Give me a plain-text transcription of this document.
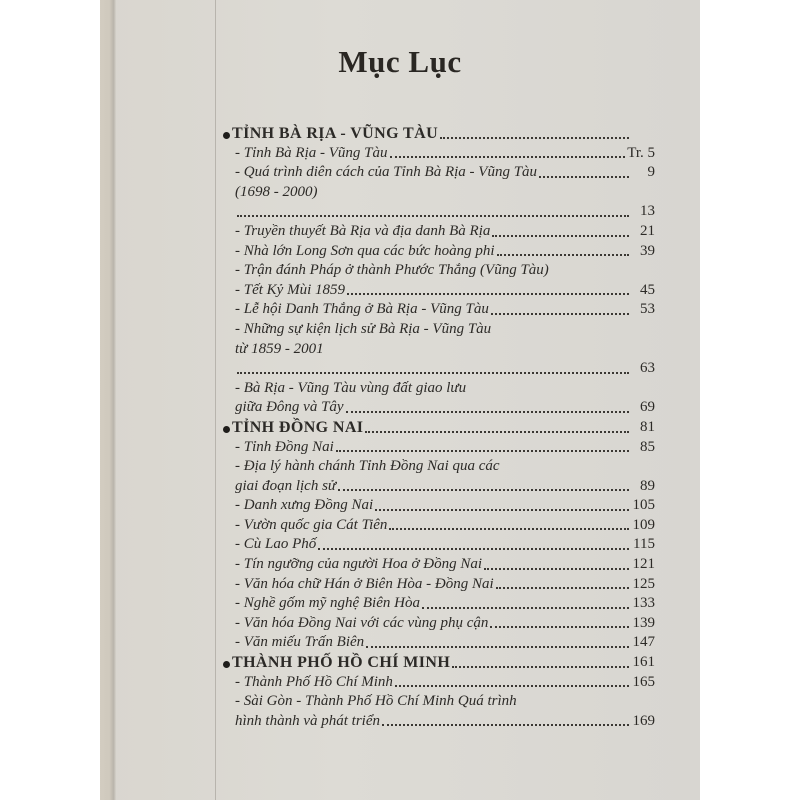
Mục Lục
TỈNH BÀ RỊA - VŨNG TÀU
- Tỉnh Bà Rịa - Vũng Tàu	Tr. 5
- Quá trình diên cách của Tỉnh Bà Rịa - Vũng Tàu	9
(1698 - 2000)
13
- Truyền thuyết Bà Rịa và địa danh Bà Rịa	21
- Nhà lớn Long Sơn qua các bức hoàng phi	39
- Trận đánh Pháp ở thành Phước Thắng (Vũng Tàu)
- Tết Kỷ Mùi 1859	45
- Lễ hội Danh Thắng ở Bà Rịa - Vũng Tàu	53
- Những sự kiện lịch sử Bà Rịa - Vũng Tàu
từ 1859 - 2001
63
- Bà Rịa - Vũng Tàu vùng đất giao lưu
giữa Đông và Tây	69
TỈNH ĐỒNG NAI	81
- Tỉnh Đồng Nai	85
- Địa lý hành chánh Tỉnh Đồng Nai qua các
giai đoạn lịch sử	89
- Danh xưng Đồng Nai	105
- Vườn quốc gia Cát Tiên	109
- Cù Lao Phố	115
- Tín ngưỡng của người Hoa ở Đồng Nai	121
- Văn hóa chữ Hán ở Biên Hòa - Đồng Nai	125
- Nghề gốm mỹ nghệ Biên Hòa	133
- Văn hóa Đồng Nai với các vùng phụ cận	139
- Văn miếu Trấn Biên	147
THÀNH PHỐ HỒ CHÍ MINH	161
- Thành Phố Hồ Chí Minh	165
- Sài Gòn - Thành Phố Hồ Chí Minh Quá trình
hình thành và phát triển	169
